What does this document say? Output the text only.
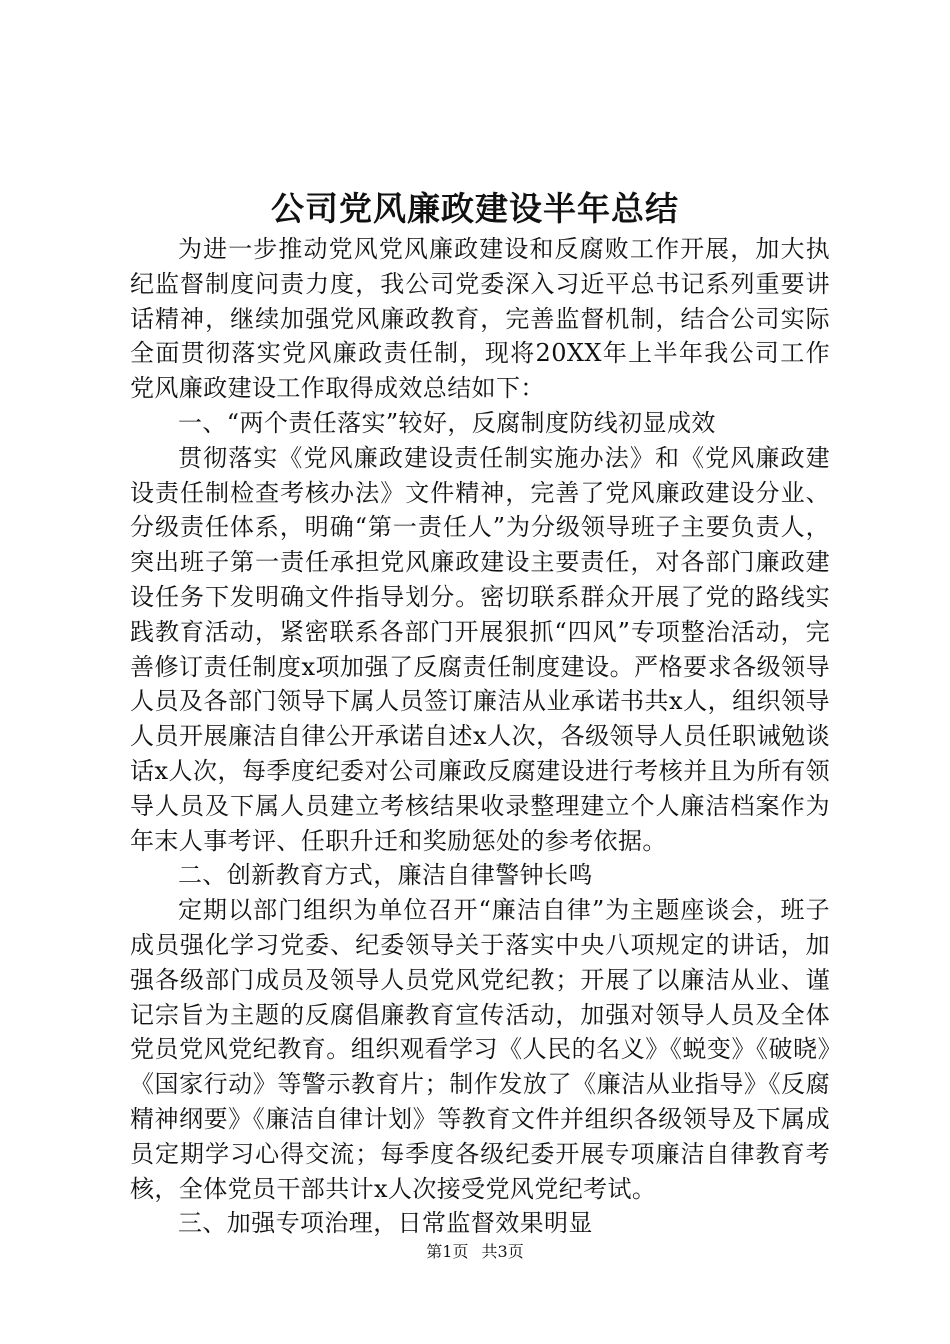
公司党风廉政建设半年总结

为进一步推动党风党风廉政建设和反腐败工作开展，加大执纪监督制度问责力度，我公司党委深入习近平总书记系列重要讲话精神，继续加强党风廉政教育，完善监督机制，结合公司实际全面贯彻落实党风廉政责任制，现将20XX年上半年我公司工作党风廉政建设工作取得成效总结如下：

一、“两个责任落实”较好，反腐制度防线初显成效

贯彻落实《党风廉政建设责任制实施办法》和《党风廉政建设责任制检查考核办法》文件精神，完善了党风廉政建设分业、分级责任体系，明确“第一责任人”为分级领导班子主要负责人，突出班子第一责任承担党风廉政建设主要责任，对各部门廉政建设任务下发明确文件指导划分。密切联系群众开展了党的路线实践教育活动，紧密联系各部门开展狠抓“四风”专项整治活动，完善修订责任制度x项加强了反腐责任制度建设。严格要求各级领导人员及各部门领导下属人员签订廉洁从业承诺书共x人，组织领导人员开展廉洁自律公开承诺自述x人次，各级领导人员任职诫勉谈话x人次，每季度纪委对公司廉政反腐建设进行考核并且为所有领导人员及下属人员建立考核结果收录整理建立个人廉洁档案作为年末人事考评、任职升迁和奖励惩处的参考依据。

二、创新教育方式，廉洁自律警钟长鸣

定期以部门组织为单位召开“廉洁自律”为主题座谈会，班子成员强化学习党委、纪委领导关于落实中央八项规定的讲话，加强各级部门成员及领导人员党风党纪教；开展了以廉洁从业、谨记宗旨为主题的反腐倡廉教育宣传活动，加强对领导人员及全体党员党风党纪教育。组织观看学习《人民的名义》《蜕变》《破晓》《国家行动》等警示教育片；制作发放了《廉洁从业指导》《反腐精神纲要》《廉洁自律计划》等教育文件并组织各级领导及下属成员定期学习心得交流；每季度各级纪委开展专项廉洁自律教育考核，全体党员干部共计x人次接受党风党纪考试。

三、加强专项治理，日常监督效果明显

第1页 共3页
